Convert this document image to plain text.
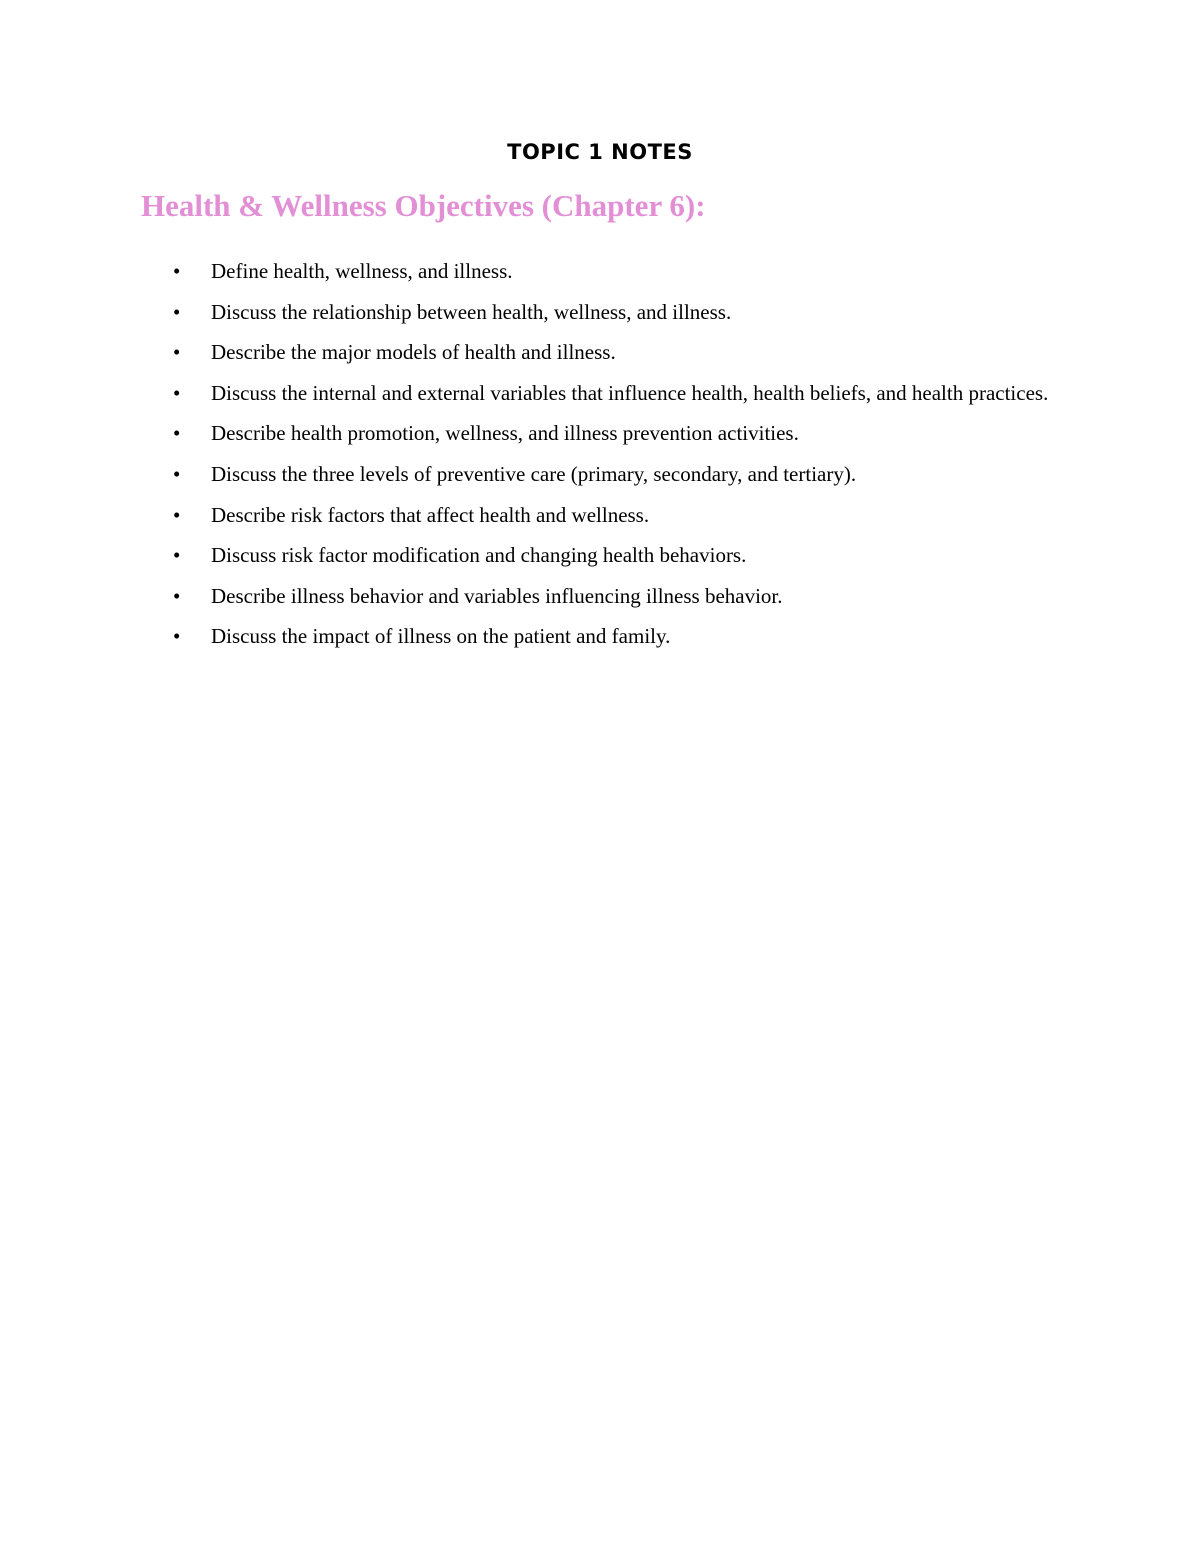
TOPIC 1 NOTES
Health & Wellness Objectives (Chapter 6):
• Define health, wellness, and illness.
• Discuss the relationship between health, wellness, and illness.
• Describe the major models of health and illness.
• Discuss the internal and external variables that influence health, health beliefs, and health practices.
• Describe health promotion, wellness, and illness prevention activities.
• Discuss the three levels of preventive care (primary, secondary, and tertiary).
• Describe risk factors that affect health and wellness.
• Discuss risk factor modification and changing health behaviors.
• Describe illness behavior and variables influencing illness behavior.
• Discuss the impact of illness on the patient and family.
